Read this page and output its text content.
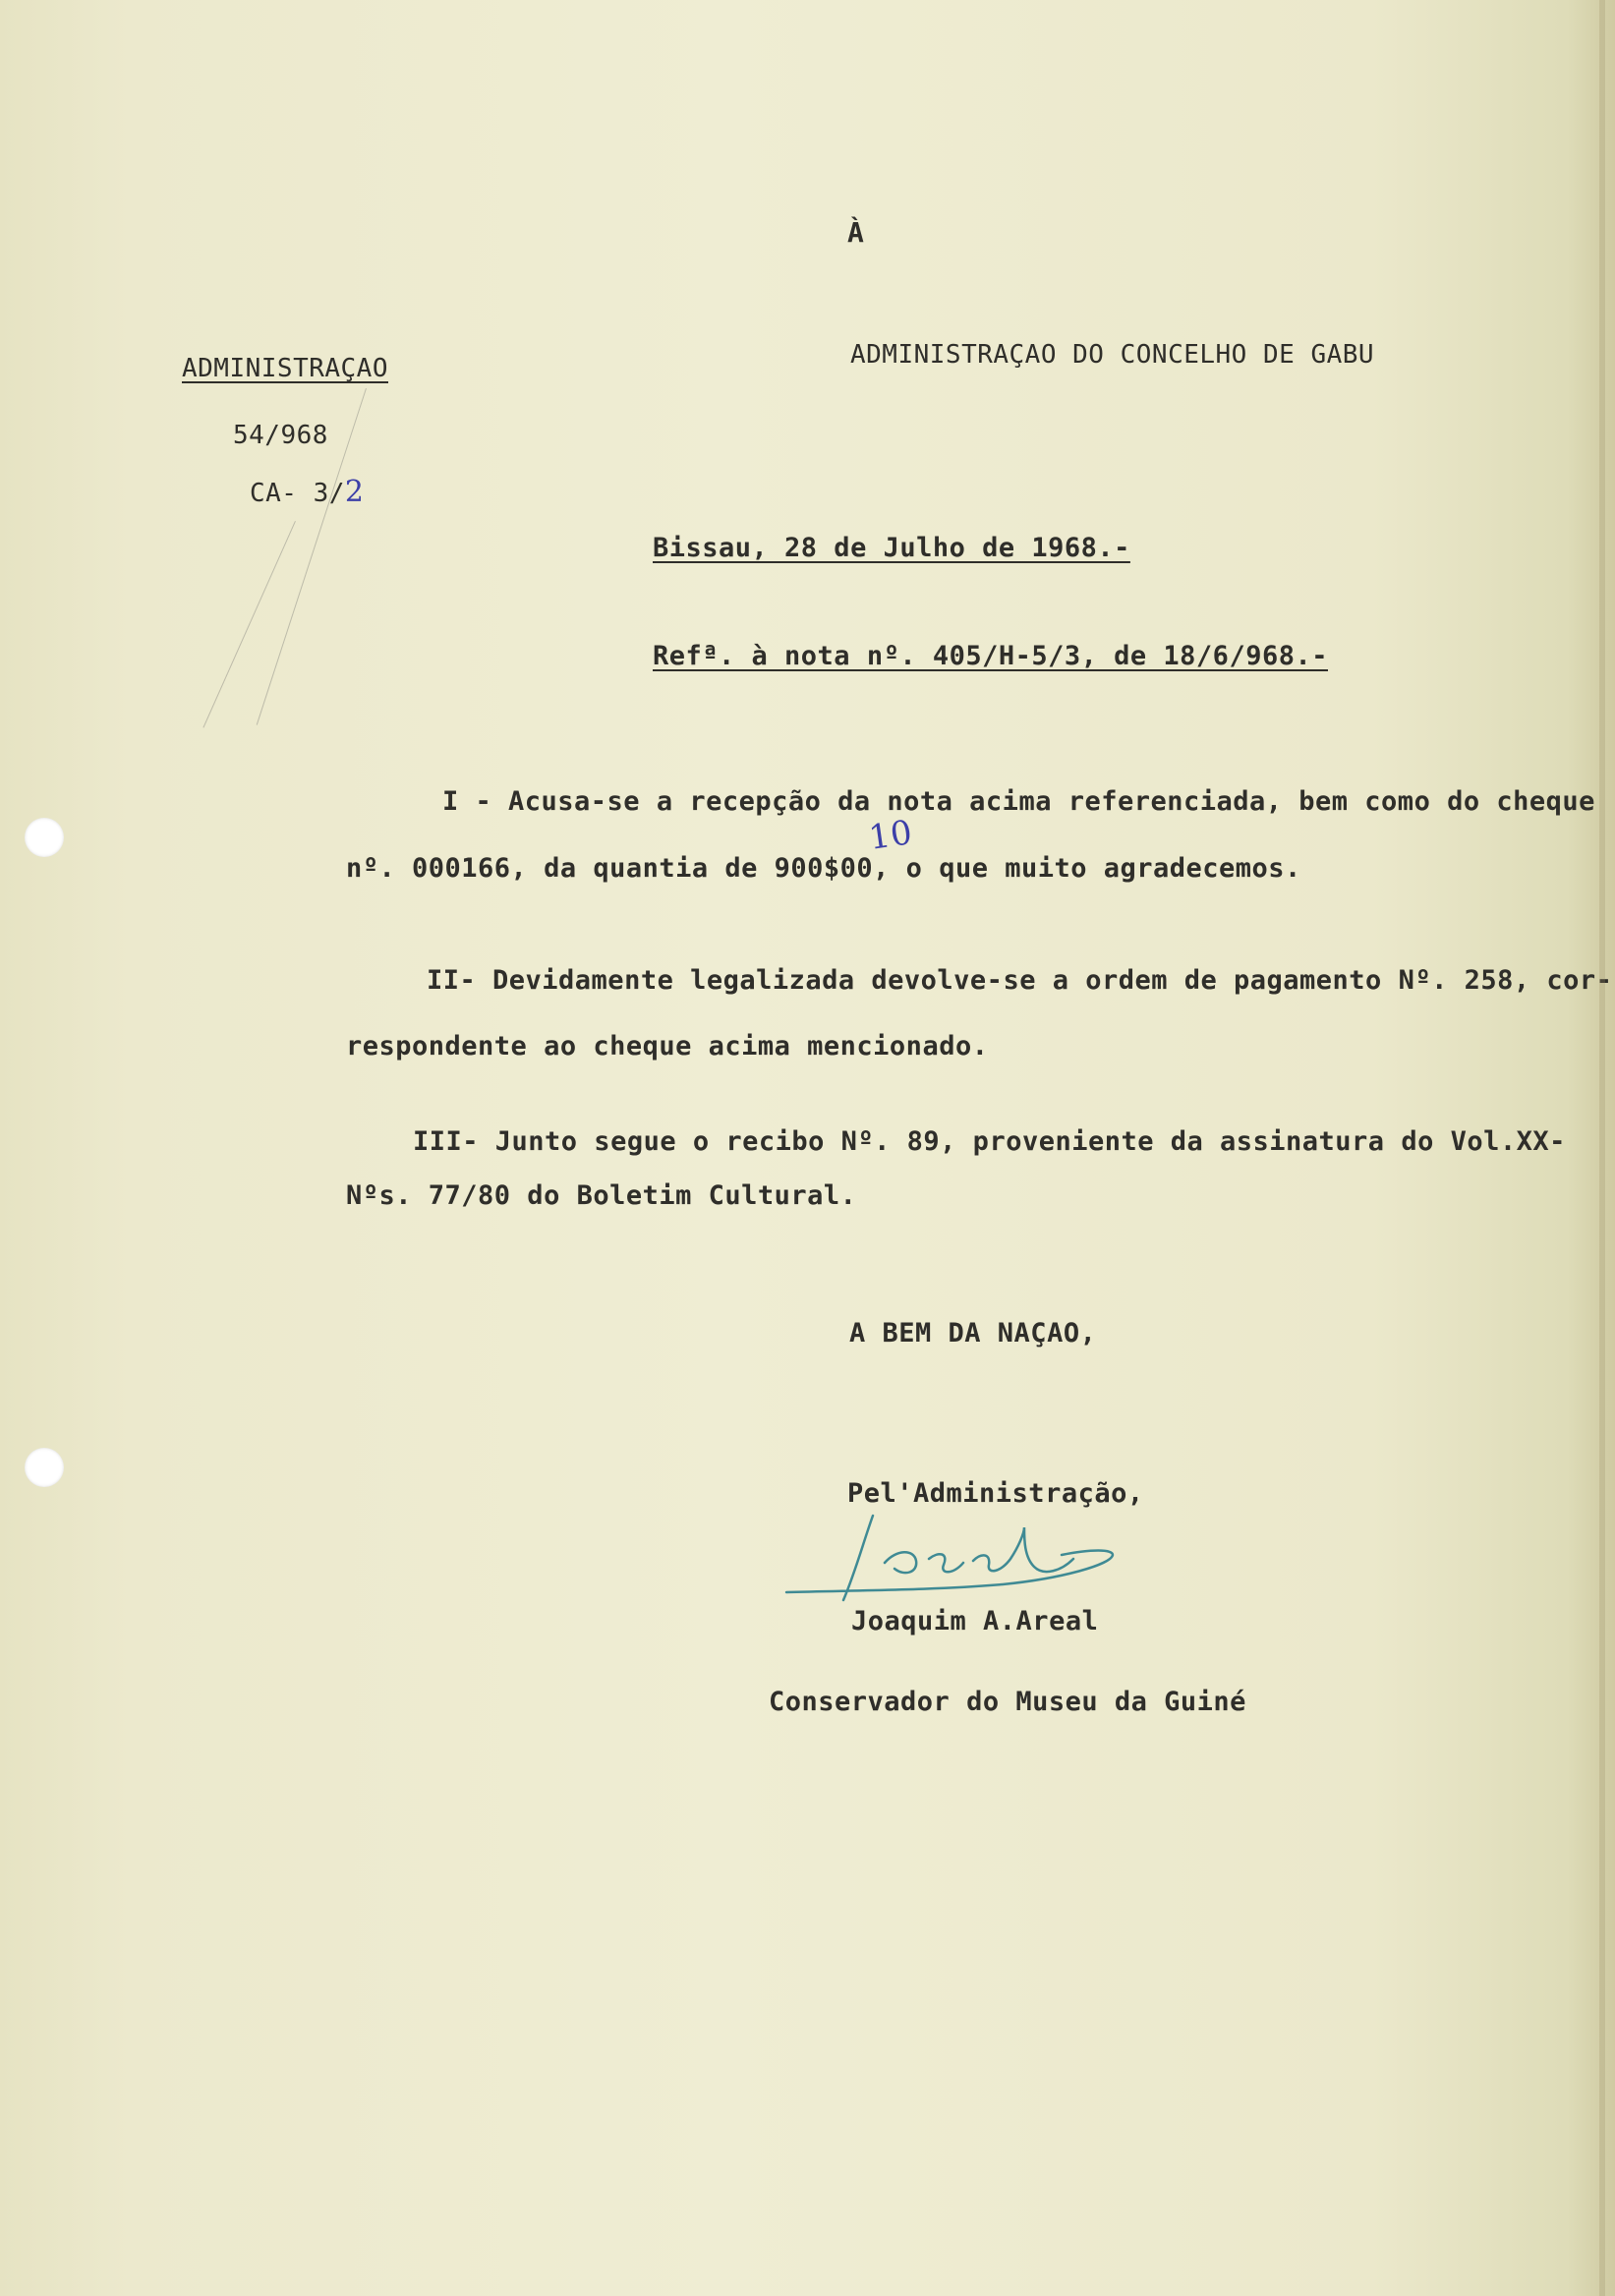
À
ADMINISTRAÇAO DO CONCELHO DE GABU
ADMINISTRAÇAO
54/968
CA- 3/2
Bissau, 28 de Julho de 1968.-
Refª. à nota nº. 405/H-5/3, de 18/6/968.-
I - Acusa-se a recepção da nota acima referenciada, bem como do cheque
10
nº. 000166, da quantia de 900$00, o que muito agradecemos.
II- Devidamente legalizada devolve-se a ordem de pagamento Nº. 258, cor-
respondente ao cheque acima mencionado.
III- Junto segue o recibo Nº. 89, proveniente da assinatura do Vol.XX-
Nºs. 77/80 do Boletim Cultural.
A BEM DA NAÇAO,
Pel'Administração,
Joaquim A.Areal
Conservador do Museu da Guiné
